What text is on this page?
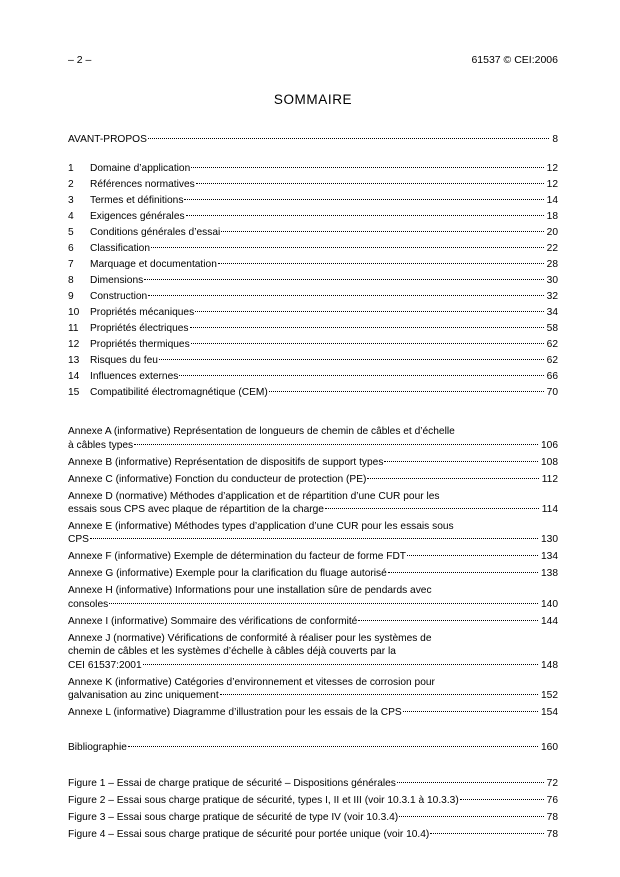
– 2 –	61537 © CEI:2006
SOMMAIRE
AVANT-PROPOS	8
1	Domaine d’application	12
2	Références normatives	12
3	Termes et définitions	14
4	Exigences générales	18
5	Conditions générales d’essai	20
6	Classification	22
7	Marquage et documentation	28
8	Dimensions	30
9	Construction	32
10	Propriétés mécaniques	34
11	Propriétés électriques	58
12	Propriétés thermiques	62
13	Risques du feu	62
14	Influences externes	66
15	Compatibilité électromagnétique (CEM)	70
Annexe A (informative) Représentation de longueurs de chemin de câbles et d’échelle
à câbles types	106
Annexe B (informative) Représentation de dispositifs de support types	108
Annexe C (informative) Fonction du conducteur de protection (PE)	112
Annexe D (normative) Méthodes d’application et de répartition d’une CUR pour les
essais sous CPS avec plaque de répartition de la charge	114
Annexe E (informative) Méthodes types d’application d’une CUR pour les essais sous
CPS	130
Annexe F (informative) Exemple de détermination du facteur de forme FDT	134
Annexe G (informative) Exemple pour la clarification du fluage autorisé	138
Annexe H (informative) Informations pour une installation sûre de pendards avec
consoles	140
Annexe I (informative) Sommaire des vérifications de conformité	144
Annexe J (normative) Vérifications de conformité à réaliser pour les systèmes de
chemin de câbles et les systèmes d’échelle à câbles déjà couverts par la
CEI 61537:2001	148
Annexe K (informative) Catégories d’environnement et vitesses de corrosion pour
galvanisation au zinc uniquement	152
Annexe L (informative) Diagramme d’illustration pour les essais de la CPS	154
Bibliographie	160
Figure 1 – Essai de charge pratique de sécurité – Dispositions générales	72
Figure 2 – Essai sous charge pratique de sécurité, types I, II et III (voir 10.3.1 à 10.3.3)	76
Figure 3 – Essai sous charge pratique de sécurité de type IV (voir 10.3.4)	78
Figure 4 – Essai sous charge pratique de sécurité pour portée unique (voir 10.4)	78
